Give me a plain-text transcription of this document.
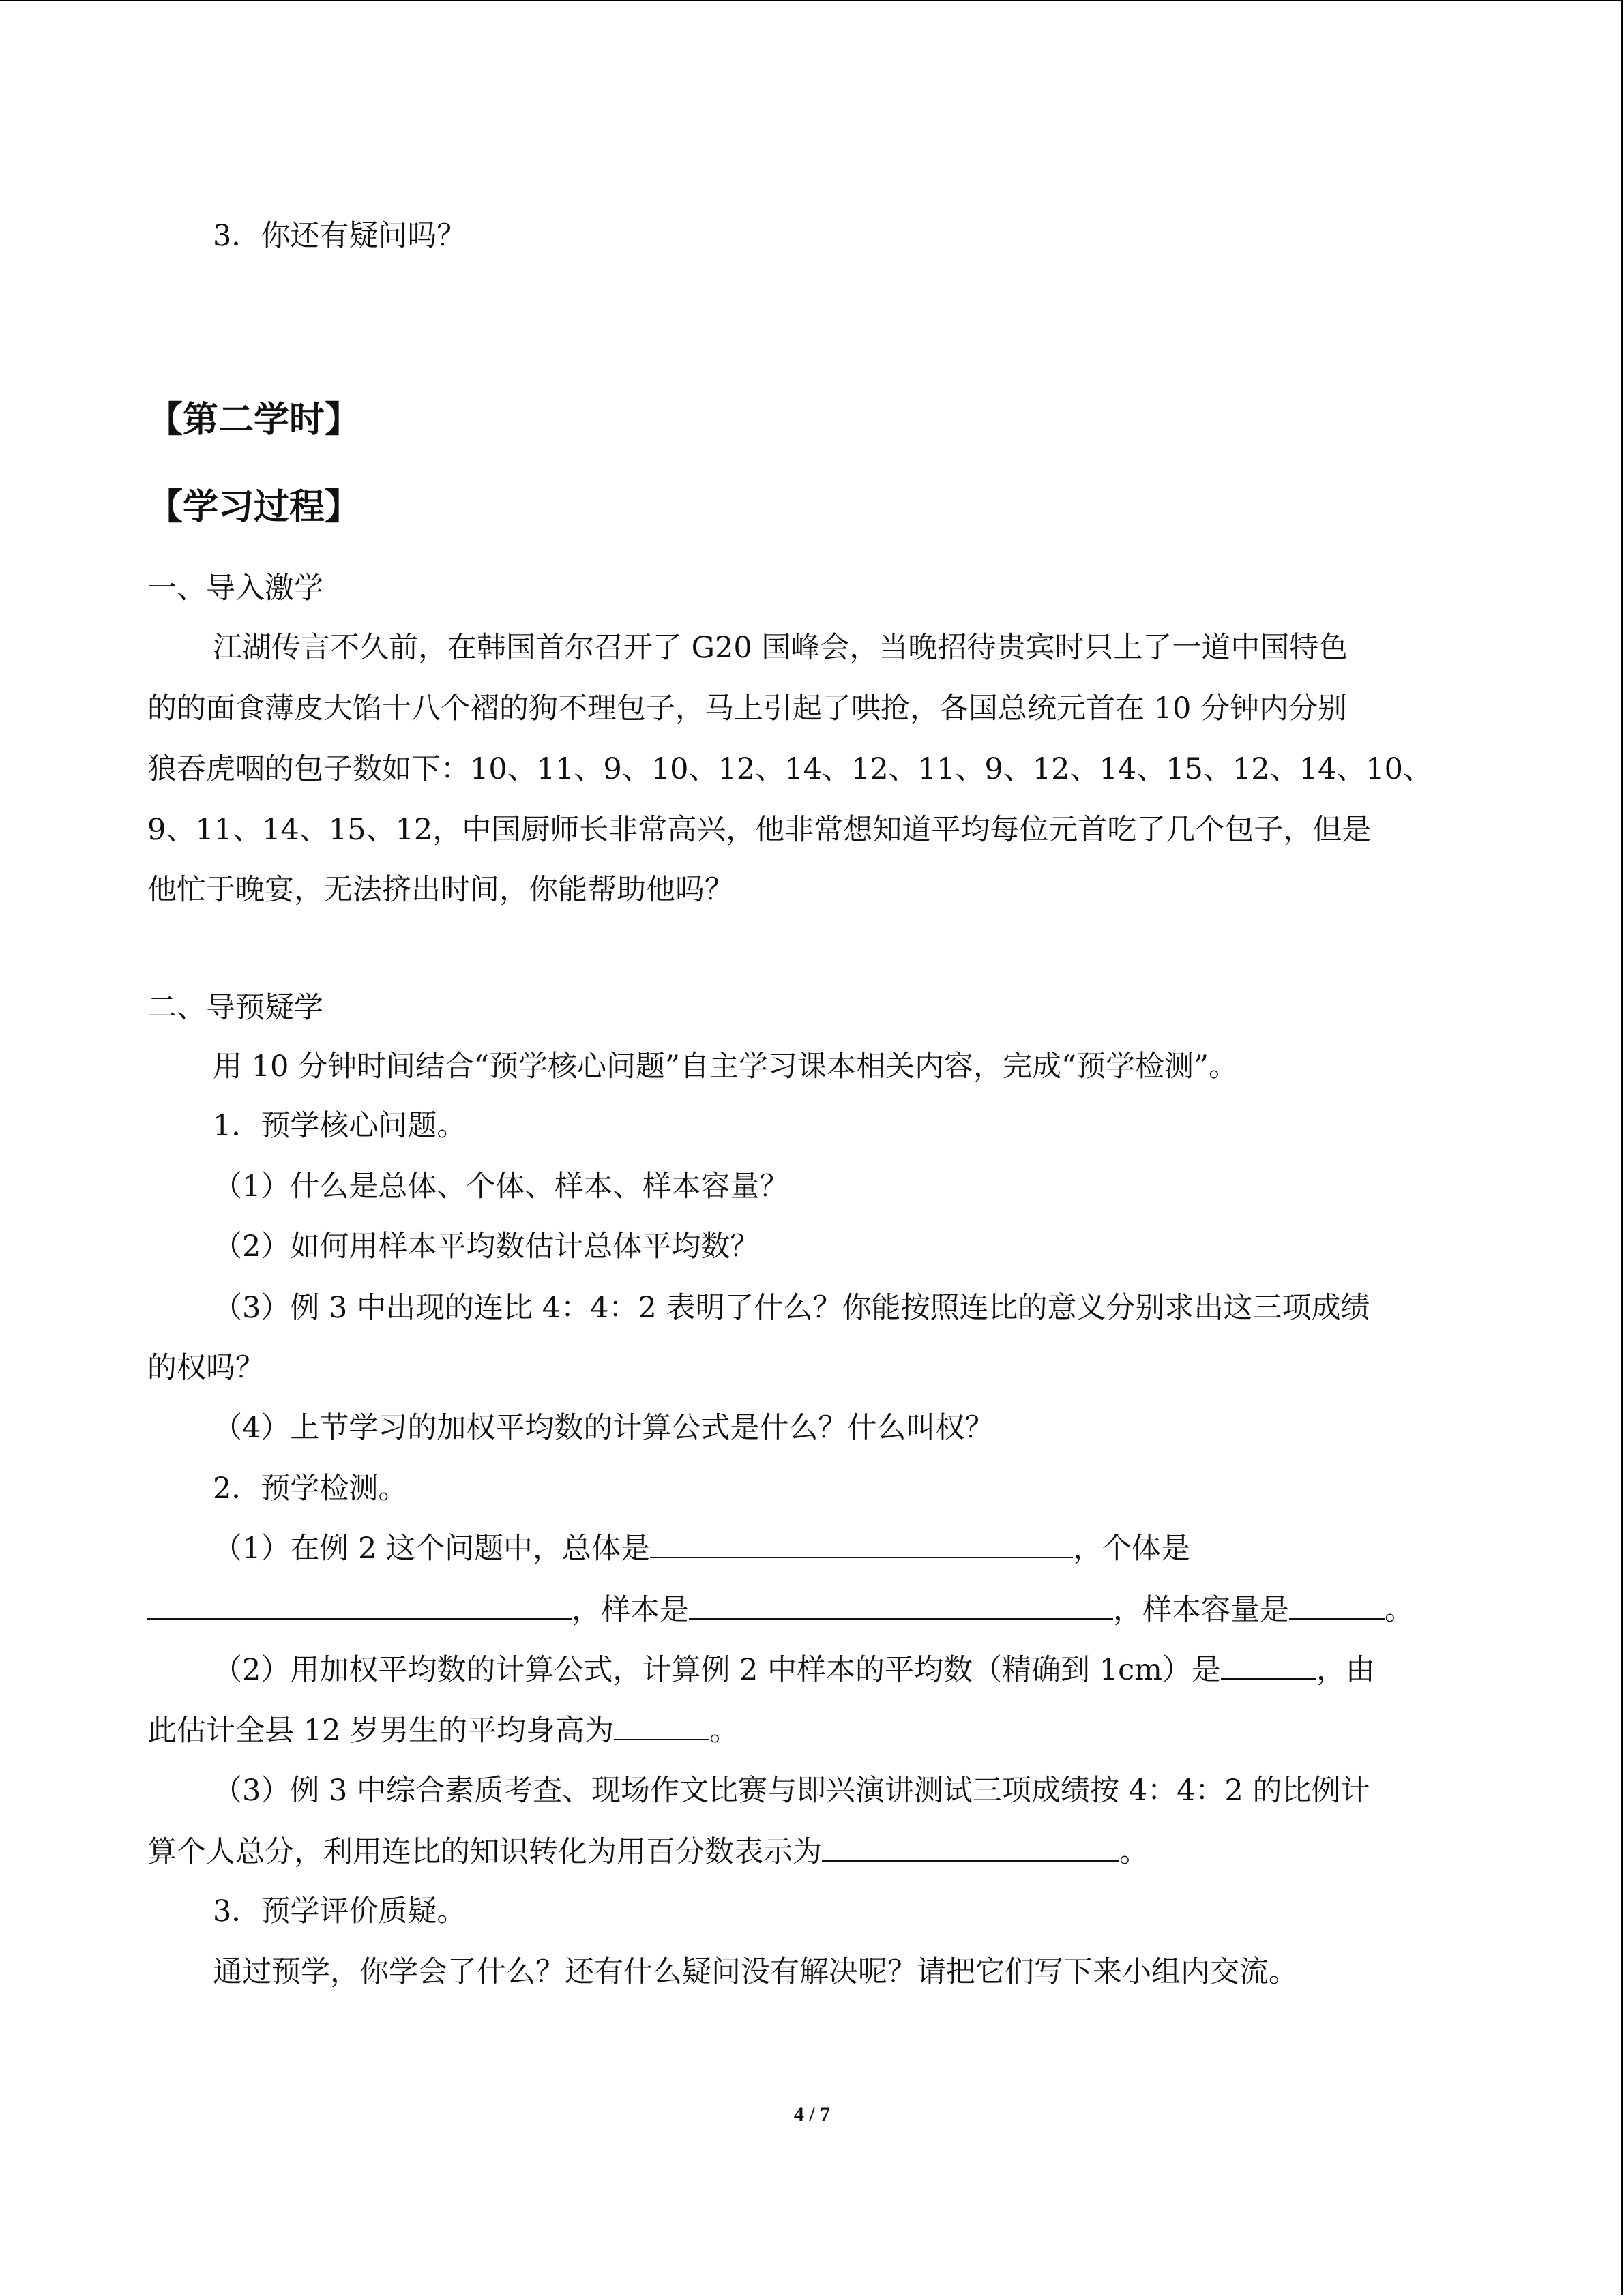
3．你还有疑问吗？
【第二学时】
【学习过程】
一、导入激学
江湖传言不久前，在韩国首尔召开了 G20 国峰会，当晚招待贵宾时只上了一道中国特色
的的面食薄皮大馅十八个褶的狗不理包子，马上引起了哄抢，各国总统元首在 10 分钟内分别
狼吞虎咽的包子数如下：10、11、9、10、12、14、12、11、9、12、14、15、12、14、10、
9、11、14、15、12，中国厨师长非常高兴，他非常想知道平均每位元首吃了几个包子，但是
他忙于晚宴，无法挤出时间，你能帮助他吗？
二、导预疑学
用 10 分钟时间结合“预学核心问题”自主学习课本相关内容，完成“预学检测”。
1．预学核心问题。
（1）什么是总体、个体、样本、样本容量？
（2）如何用样本平均数估计总体平均数？
（3）例 3 中出现的连比 4：4：2 表明了什么？你能按照连比的意义分别求出这三项成绩
的权吗？
（4）上节学习的加权平均数的计算公式是什么？什么叫权？
2．预学检测。
（1）在例 2 这个问题中，总体是	，个体是
，样本是	，样本容量是	。
（2）用加权平均数的计算公式，计算例 2 中样本的平均数（精确到 1cm）是	，由
此估计全县 12 岁男生的平均身高为	。
（3）例 3 中综合素质考查、现场作文比赛与即兴演讲测试三项成绩按 4：4：2 的比例计
算个人总分，利用连比的知识转化为用百分数表示为	。
3．预学评价质疑。
通过预学，你学会了什么？还有什么疑问没有解决呢？请把它们写下来小组内交流。
4 / 7
